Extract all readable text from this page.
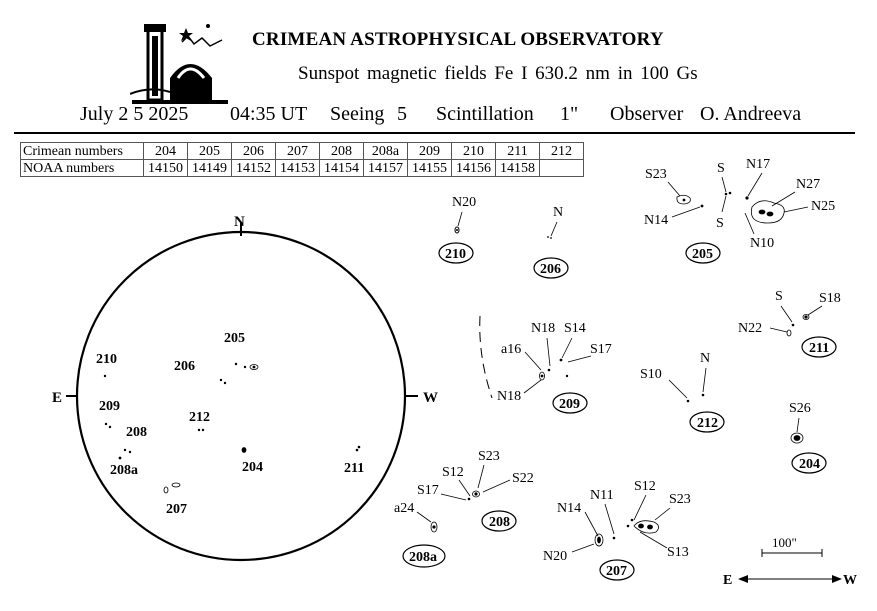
CRIMEAN ASTROPHYSICAL OBSERVATORY
Sunspot magnetic fields Fe I 630.2 nm in 100 Gs
July 2 5 2025 04:35 UT Seeing 5 Scintillation 1" Observer O. Andreeva
Crimean numbers	204	205	206	207	208	208a	209	210	211	212
NOAA numbers	14150	14149	14152	14153	14154	14157	14155	14156	14158	
N
E	W
205
210	206
209
212
208
204
208a	211
207
N20
210
N
206
S23	S N17
N27
N25
N14	S
N10
205
N18 S14
a16	S17
N18
209
S	S18
N22
211
N
S10
212
S26
204
S23
S12	S22
S17
208
a24
208a
N11
S12
S23
N14
N20	S13
207
100"
E	W
